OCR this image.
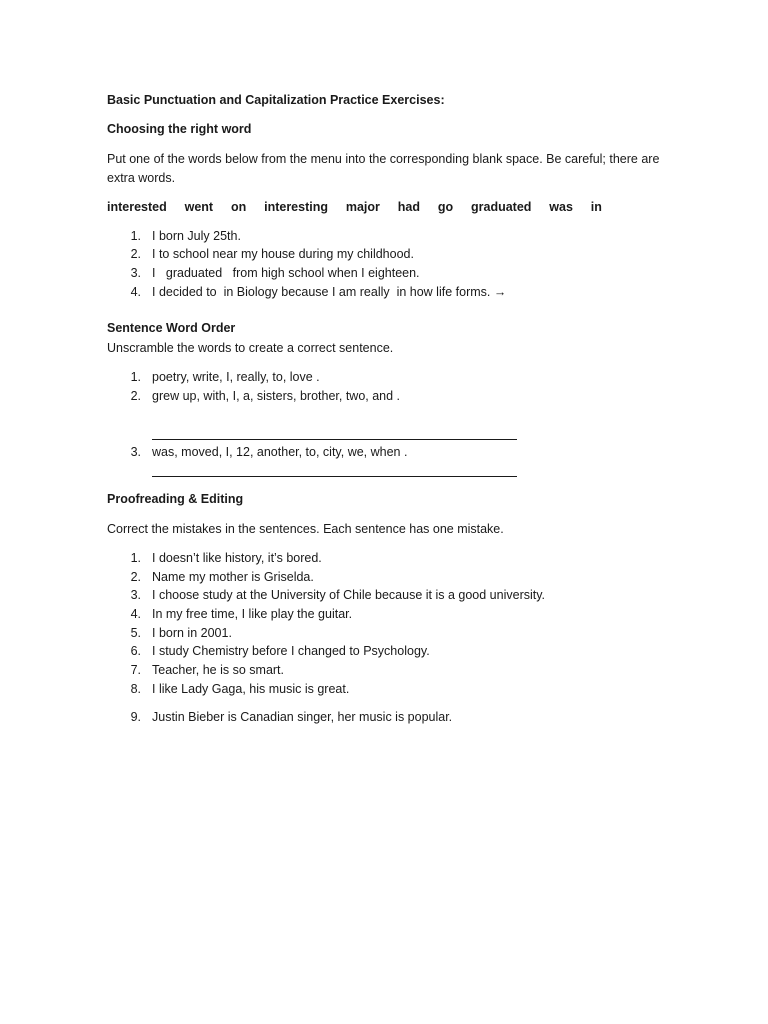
Basic Punctuation and Capitalization Practice Exercises:
Choosing the right word
Put one of the words below from the menu into the corresponding blank space. Be careful; there are extra words.
interested went on interesting major had go graduated was in
1. I born July 25th.
2. I to school near my house during my childhood.
3. I   graduated   from high school when I eighteen.
4. I decided to  in Biology because I am really  in how life forms. →
Sentence Word Order
Unscramble the words to create a correct sentence.
1. poetry, write, I, really, to, love .
2. grew up, with, I, a, sisters, brother, two, and .
3. was, moved, I, 12, another, to, city, we, when .
Proofreading & Editing
Correct the mistakes in the sentences. Each sentence has one mistake.
1. I doesn’t like history, it’s bored.
2. Name my mother is Griselda.
3. I choose study at the University of Chile because it is a good university.
4. In my free time, I like play the guitar.
5. I born in 2001.
6. I study Chemistry before I changed to Psychology.
7. Teacher, he is so smart.
8. I like Lady Gaga, his music is great.
9. Justin Bieber is Canadian singer, her music is popular.
